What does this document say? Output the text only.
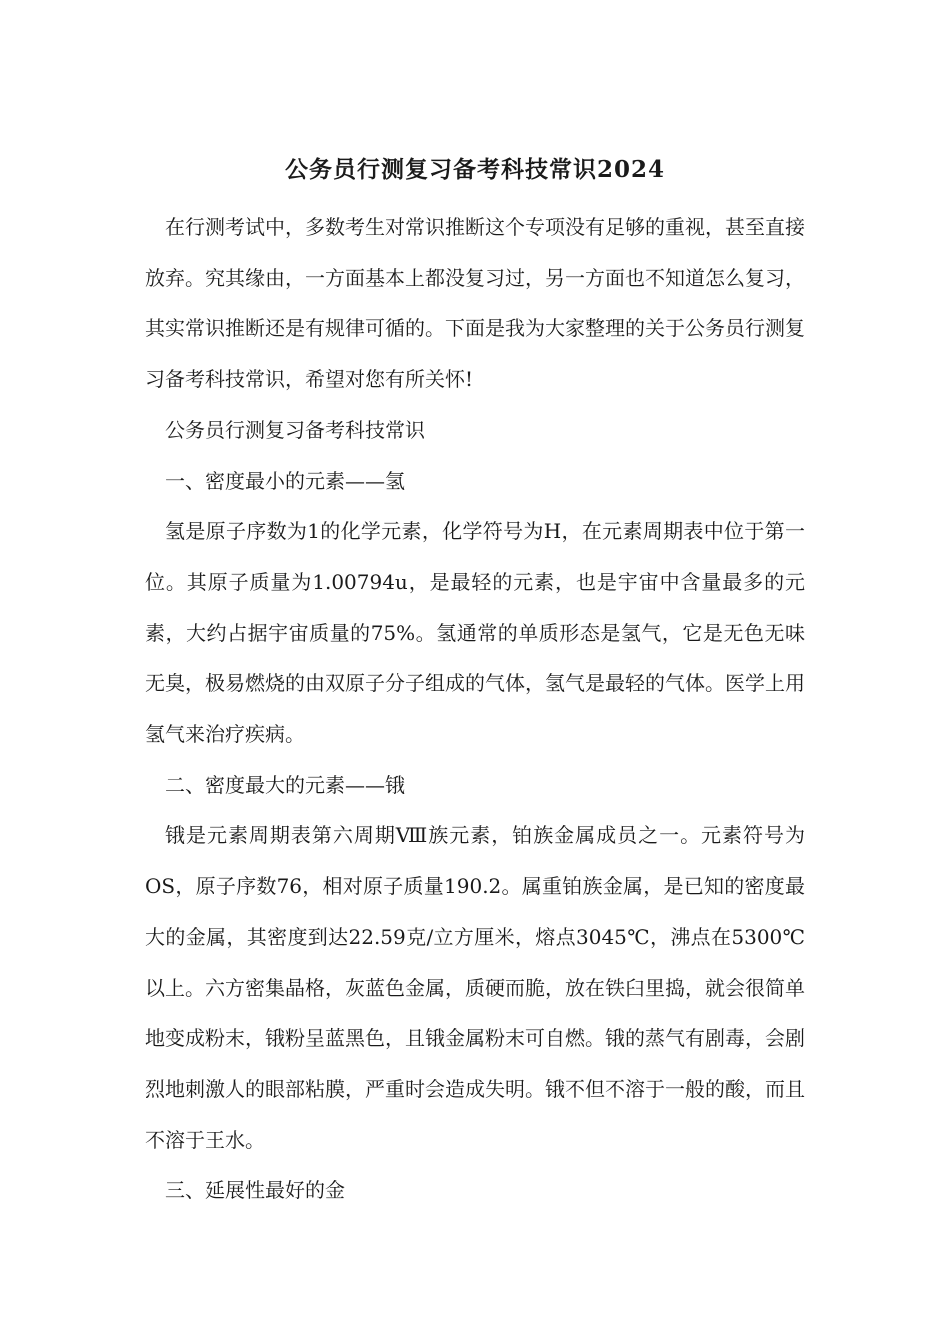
公务员行测复习备考科技常识2024

在行测考试中，多数考生对常识推断这个专项没有足够的重视，甚至直接放弃。究其缘由，一方面基本上都没复习过，另一方面也不知道怎么复习，其实常识推断还是有规律可循的。下面是我为大家整理的关于公务员行测复习备考科技常识，希望对您有所关怀!

公务员行测复习备考科技常识

一、密度最小的元素——氢

氢是原子序数为1的化学元素，化学符号为H，在元素周期表中位于第一位。其原子质量为1.00794u，是最轻的元素，也是宇宙中含量最多的元素，大约占据宇宙质量的75%。氢通常的单质形态是氢气，它是无色无味无臭，极易燃烧的由双原子分子组成的气体，氢气是最轻的气体。医学上用氢气来治疗疾病。

二、密度最大的元素——锇

锇是元素周期表第六周期Ⅷ族元素，铂族金属成员之一。元素符号为OS，原子序数76，相对原子质量190.2。属重铂族金属，是已知的密度最大的金属，其密度到达22.59克/立方厘米，熔点3045℃，沸点在5300℃以上。六方密集晶格，灰蓝色金属，质硬而脆，放在铁臼里捣，就会很简单地变成粉末，锇粉呈蓝黑色，且锇金属粉末可自燃。锇的蒸气有剧毒，会剧烈地刺激人的眼部粘膜，严重时会造成失明。锇不但不溶于一般的酸，而且不溶于王水。

三、延展性最好的金
